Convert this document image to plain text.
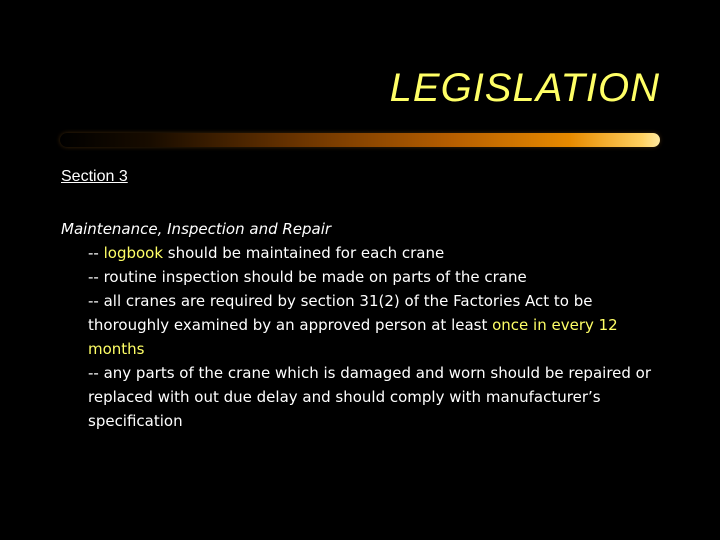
LEGISLATION
Section 3
Maintenance, Inspection and Repair
-- logbook should be maintained for each crane
-- routine inspection should be made on parts of the crane
-- all cranes are required by section 31(2) of the Factories Act to be thoroughly examined by an approved person at least once in every 12 months
-- any parts of the crane which is damaged and worn should be repaired or replaced with out due delay and should comply with manufacturer’s specification
